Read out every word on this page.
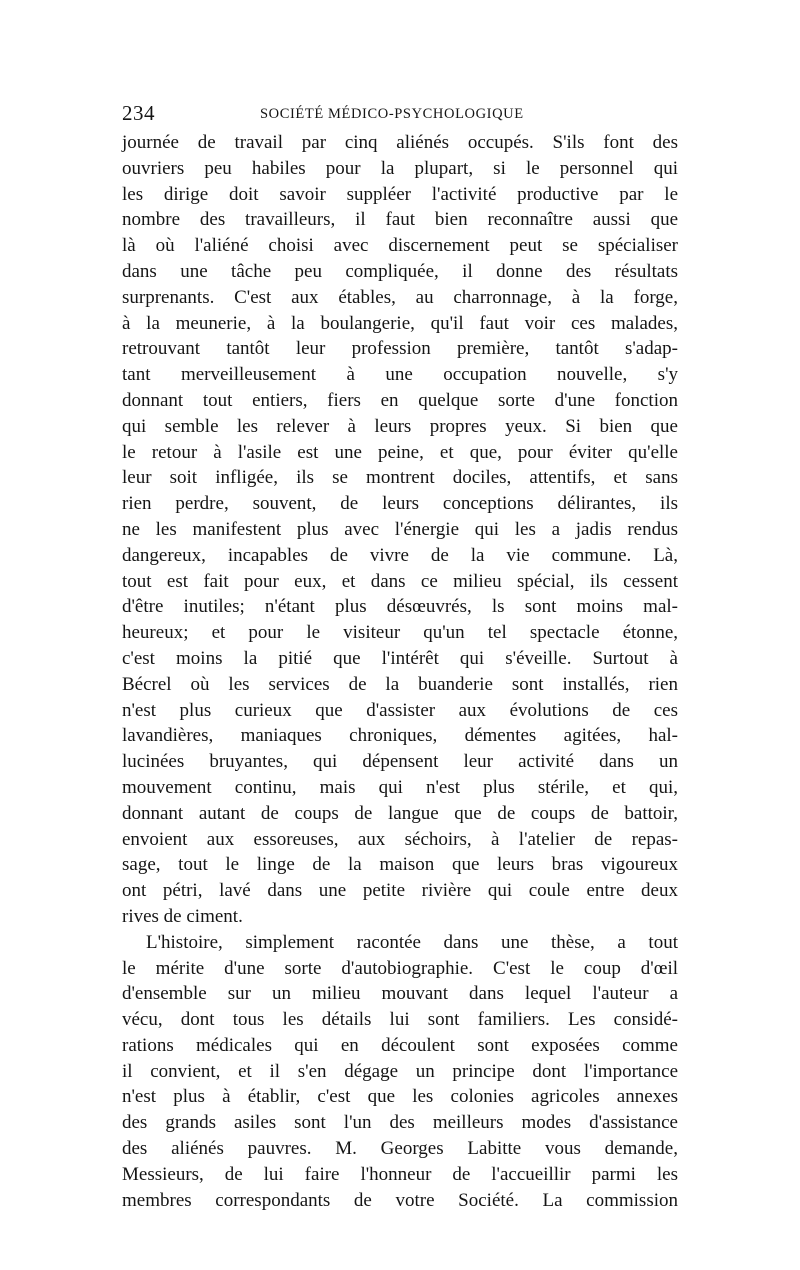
234	SOCIÉTÉ MÉDICO-PSYCHOLOGIQUE
journée de travail par cinq aliénés occupés. S'ils font des
ouvriers peu habiles pour la plupart, si le personnel qui
les dirige doit savoir suppléer l'activité productive par le
nombre des travailleurs, il faut bien reconnaître aussi que
là où l'aliéné choisi avec discernement peut se spécialiser
dans une tâche peu compliquée, il donne des résultats
surprenants. C'est aux étables, au charronnage, à la forge,
à la meunerie, à la boulangerie, qu'il faut voir ces malades,
retrouvant tantôt leur profession première, tantôt s'adap-
tant merveilleusement à une occupation nouvelle, s'y
donnant tout entiers, fiers en quelque sorte d'une fonction
qui semble les relever à leurs propres yeux. Si bien que
le retour à l'asile est une peine, et que, pour éviter qu'elle
leur soit infligée, ils se montrent dociles, attentifs, et sans
rien perdre, souvent, de leurs conceptions délirantes, ils
ne les manifestent plus avec l'énergie qui les a jadis rendus
dangereux, incapables de vivre de la vie commune. Là,
tout est fait pour eux, et dans ce milieu spécial, ils cessent
d'être inutiles; n'étant plus désœuvrés, ls sont moins mal-
heureux; et pour le visiteur qu'un tel spectacle étonne,
c'est moins la pitié que l'intérêt qui s'éveille. Surtout à
Bécrel où les services de la buanderie sont installés, rien
n'est plus curieux que d'assister aux évolutions de ces
lavandières, maniaques chroniques, démentes agitées, hal-
lucinées bruyantes, qui dépensent leur activité dans un
mouvement continu, mais qui n'est plus stérile, et qui,
donnant autant de coups de langue que de coups de battoir,
envoient aux essoreuses, aux séchoirs, à l'atelier de repas-
sage, tout le linge de la maison que leurs bras vigoureux
ont pétri, lavé dans une petite rivière qui coule entre deux
rives de ciment.
L'histoire, simplement racontée dans une thèse, a tout
le mérite d'une sorte d'autobiographie. C'est le coup d'œil
d'ensemble sur un milieu mouvant dans lequel l'auteur a
vécu, dont tous les détails lui sont familiers. Les considé-
rations médicales qui en découlent sont exposées comme
il convient, et il s'en dégage un principe dont l'importance
n'est plus à établir, c'est que les colonies agricoles annexes
des grands asiles sont l'un des meilleurs modes d'assistance
des aliénés pauvres. M. Georges Labitte vous demande,
Messieurs, de lui faire l'honneur de l'accueillir parmi les
membres correspondants de votre Société. La commission
